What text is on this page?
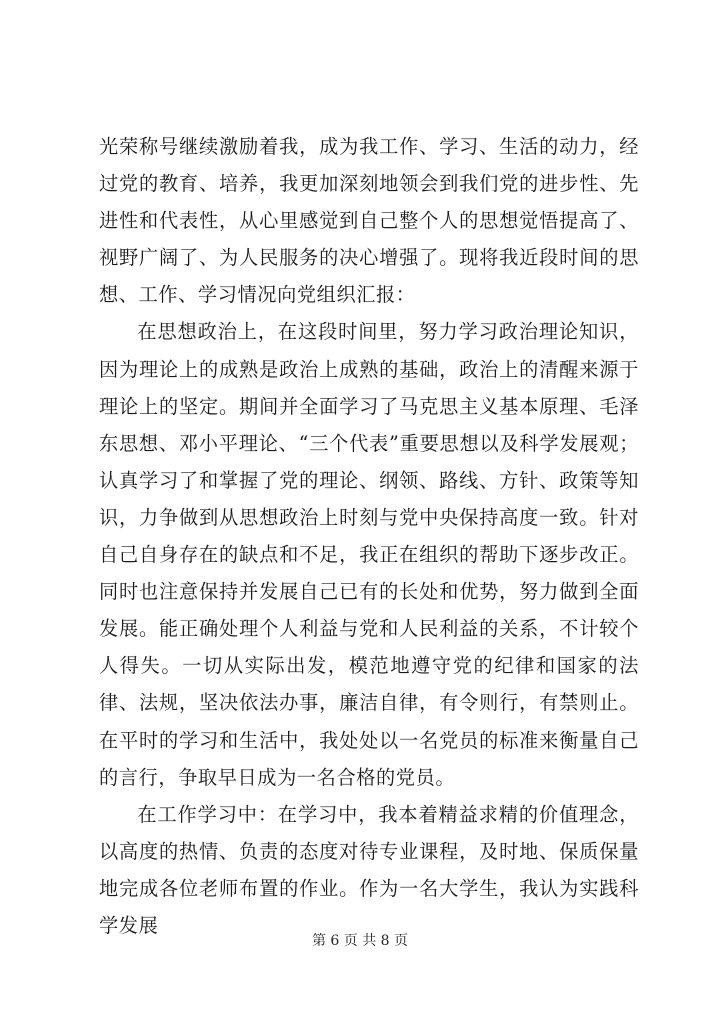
光荣称号继续激励着我，成为我工作、学习、生活的动力，经过党的教育、培养，我更加深刻地领会到我们党的进步性、先进性和代表性，从心里感觉到自己整个人的思想觉悟提高了、视野广阔了、为人民服务的决心增强了。现将我近段时间的思想、工作、学习情况向党组织汇报：

在思想政治上，在这段时间里，努力学习政治理论知识，因为理论上的成熟是政治上成熟的基础，政治上的清醒来源于理论上的坚定。期间并全面学习了马克思主义基本原理、毛泽东思想、邓小平理论、“三个代表”重要思想以及科学发展观；认真学习了和掌握了党的理论、纲领、路线、方针、政策等知识，力争做到从思想政治上时刻与党中央保持高度一致。针对自己自身存在的缺点和不足，我正在组织的帮助下逐步改正。同时也注意保持并发展自己已有的长处和优势，努力做到全面发展。能正确处理个人利益与党和人民利益的关系，不计较个人得失。一切从实际出发，模范地遵守党的纪律和国家的法律、法规，坚决依法办事，廉洁自律，有令则行，有禁则止。在平时的学习和生活中，我处处以一名党员的标准来衡量自己的言行，争取早日成为一名合格的党员。

在工作学习中：在学习中，我本着精益求精的价值理念，以高度的热情、负责的态度对待专业课程，及时地、保质保量地完成各位老师布置的作业。作为一名大学生，我认为实践科学发展

第 6 页 共 8 页
